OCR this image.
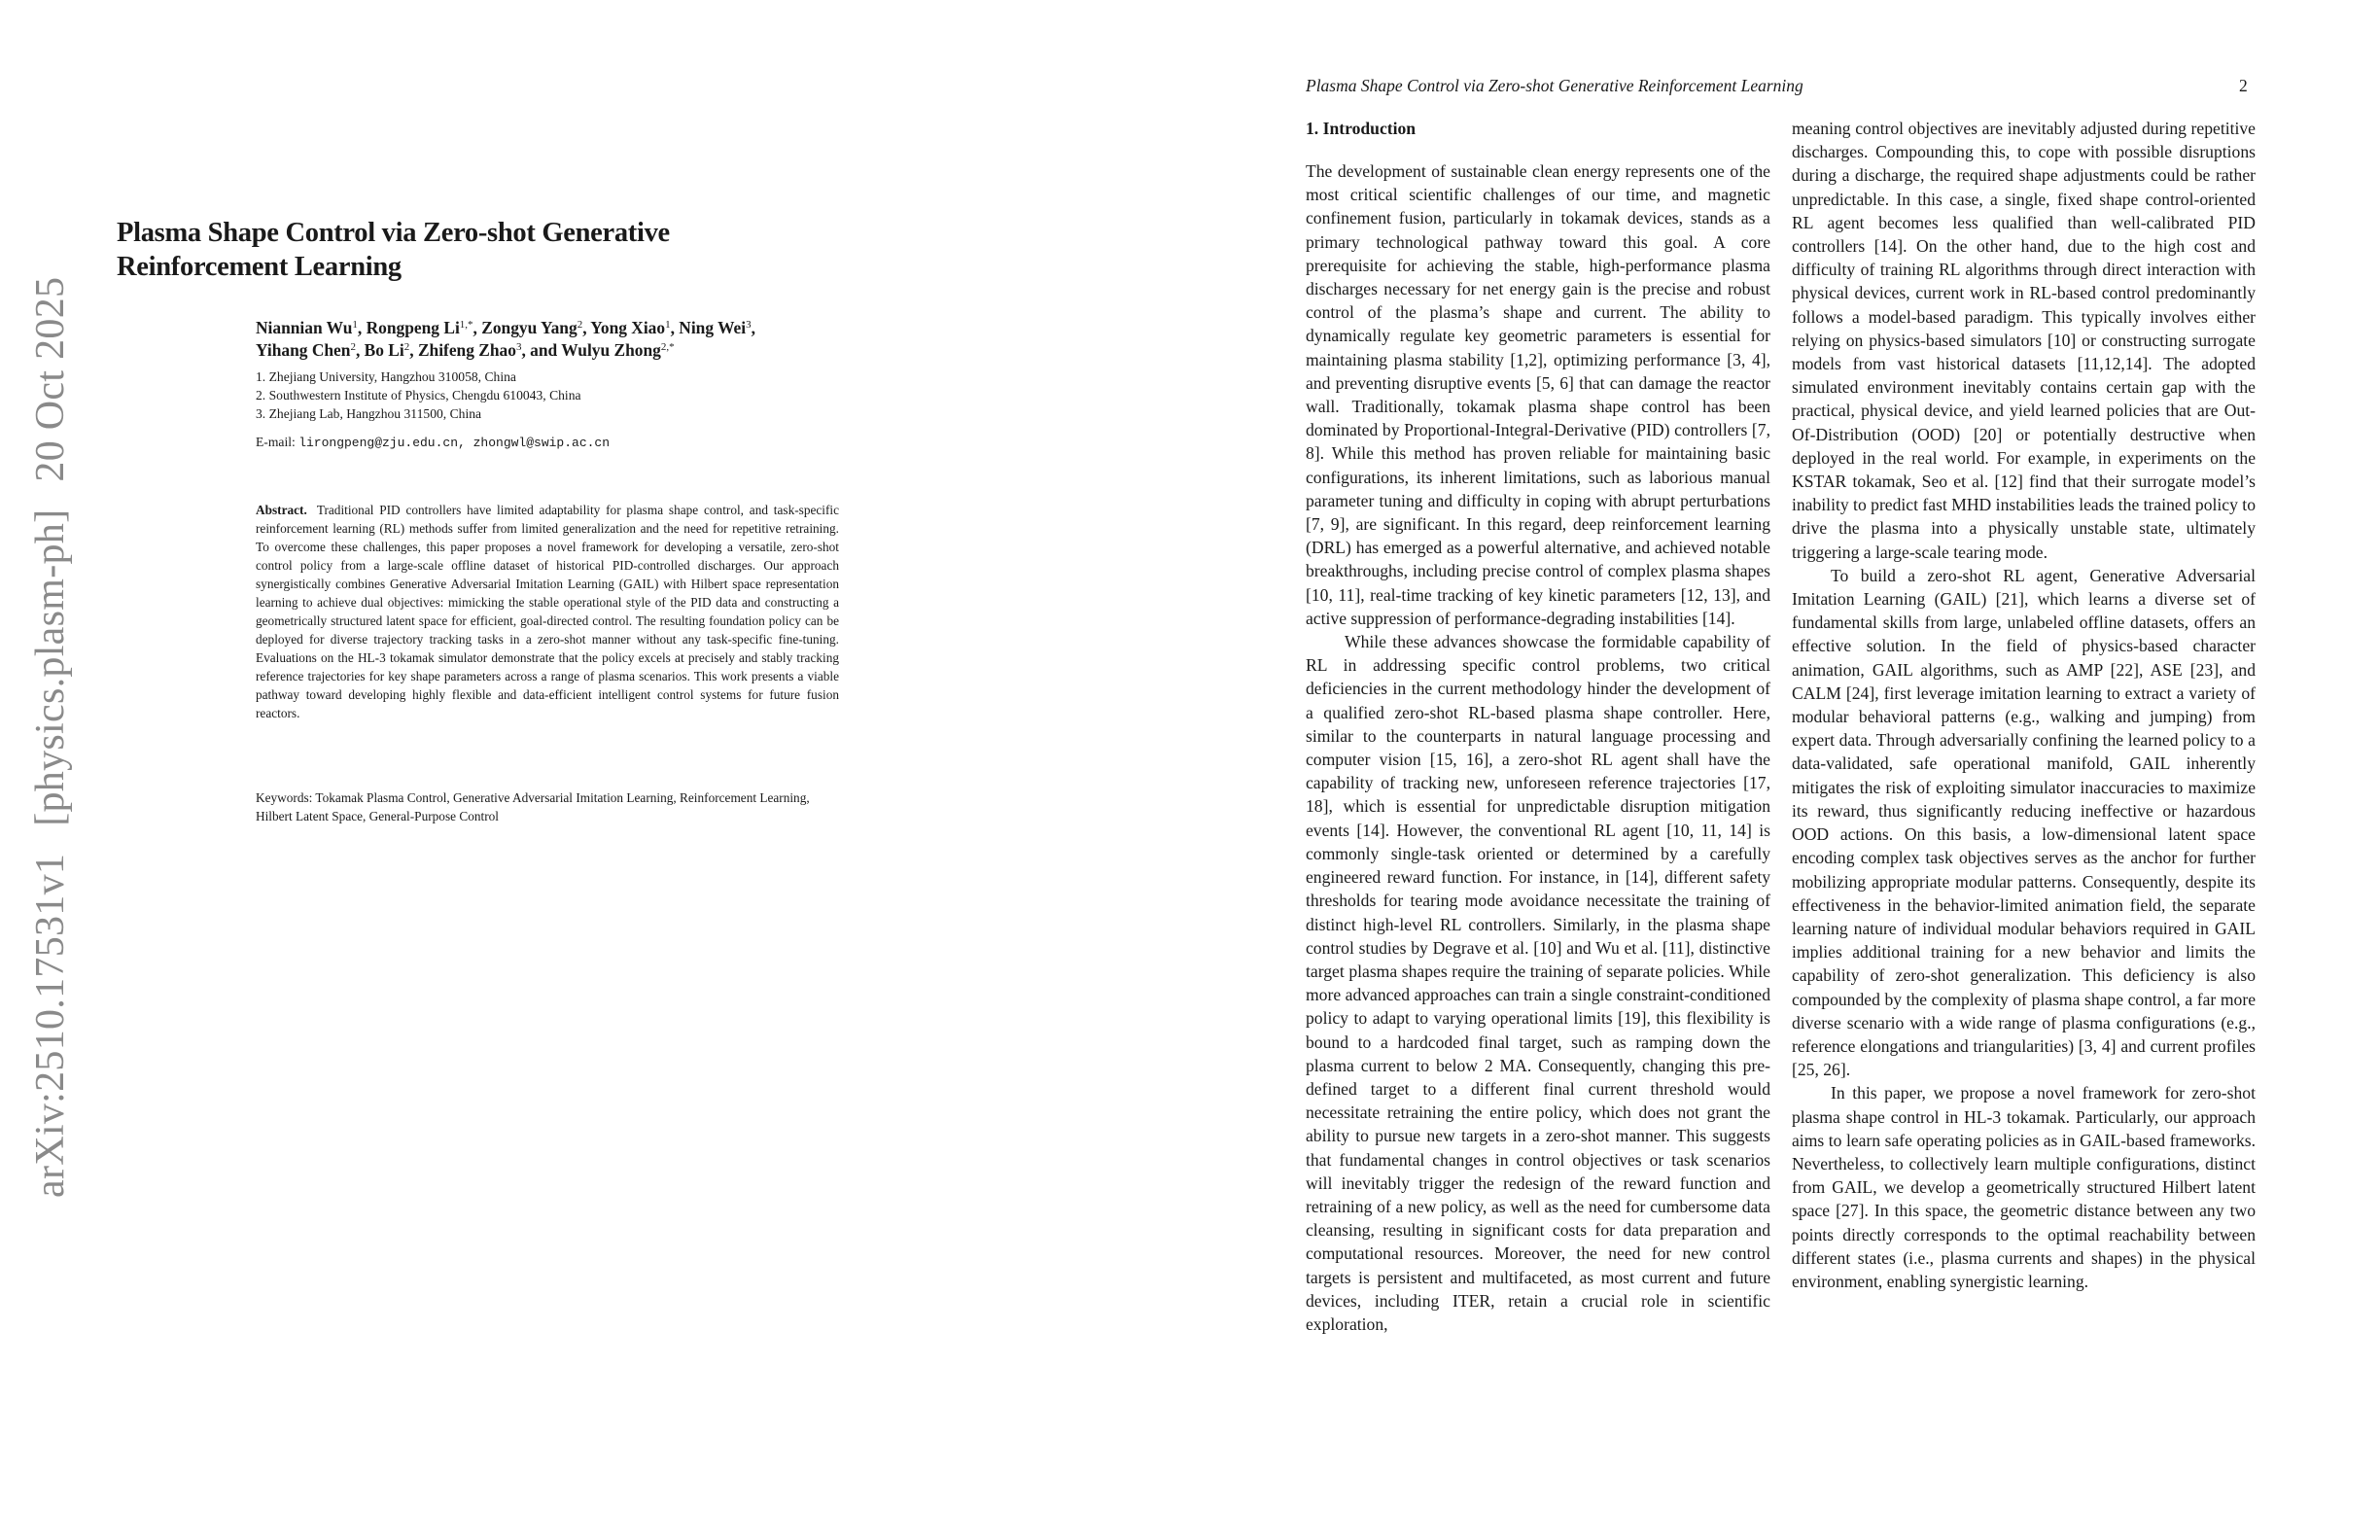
arXiv:2510.17531v1[physics.plasm-ph]20 Oct 2025
Plasma Shape Control via Zero-shot Generative
Reinforcement Learning
Niannian Wu$^1$, Rongpeng $Li^{1,*}$, Zongyu Yang$^2$, Yong Xiao$^1$, Ning Wei$^3$,
Yihang Chen$^2$, Bo Li$^2$, Zhifeng Zhao$^3$, and Wulyu Zhong$^{2,*}$
1. Zhejiang University, Hangzhou 310058, China
2. Southwestern Institute of Physics, Chengdu 610043, China
3. Zhejiang Lab, Hangzhou 311500, China
E-mail: lirongpeng@zju.edu.cn, zhongwl@swip.ac.cn
Abstract. Traditional PID controllers have limited adaptability for plasma shape control, and task-specific reinforcement learning (RL) methods suffer from limited generalization and the need for repetitive retraining. To overcome these challenges, this paper proposes a novel framework for developing a versatile, zero-shot control policy from a large-scale offline dataset of historical PID-controlled discharges. Our approach synergistically combines Generative Adversarial Imitation Learning (GAIL) with Hilbert space representation learning to achieve dual objectives: mimicking the stable operational style of the PID data and constructing a geometrically structured latent space for efficient, goal-directed control. The resulting foundation policy can be deployed for diverse trajectory tracking tasks in a zero-shot manner without any task-specific fine-tuning. Evaluations on the HL-3 tokamak simulator demonstrate that the policy excels at precisely and stably tracking reference trajectories for key shape parameters across a range of plasma scenarios. This work presents a viable pathway toward developing highly flexible and data-efficient intelligent control systems for future fusion reactors.
Keywords: Tokamak Plasma Control, Generative Adversarial Imitation Learning, Reinforcement Learning, Hilbert Latent Space, General-Purpose Control
Plasma Shape Control via Zero-shot Generative Reinforcement Learning	2
1. Introduction

The development of sustainable clean energy represents one of the most critical scientific challenges of our time, and magnetic confinement fusion, particularly in tokamak devices, stands as a primary technological pathway toward this goal. A core prerequisite for achieving the stable, high-performance plasma discharges necessary for net energy gain is the precise and robust control of the plasma’s shape and current. The ability to dynamically regulate key geometric parameters is essential for maintaining plasma stability [1,2], optimizing performance [3, 4], and preventing disruptive events [5, 6] that can damage the reactor wall. Traditionally, tokamak plasma shape control has been dominated by Proportional-Integral-Derivative (PID) controllers [7, 8]. While this method has proven reliable for maintaining basic configurations, its inherent limitations, such as laborious manual parameter tuning and difficulty in coping with abrupt perturbations [7, 9], are significant. In this regard, deep reinforcement learning (DRL) has emerged as a powerful alternative, and achieved notable breakthroughs, including precise control of complex plasma shapes [10, 11], real-time tracking of key kinetic parameters [12, 13], and active suppression of performance-degrading instabilities [14].

While these advances showcase the formidable capability of RL in addressing specific control problems, two critical deficiencies in the current methodology hinder the development of a qualified zero-shot RL-based plasma shape controller. Here, similar to the counterparts in natural language processing and computer vision [15, 16], a zero-shot RL agent shall have the capability of tracking new, unforeseen reference trajectories [17, 18], which is essential for unpredictable disruption mitigation events [14]. However, the conventional RL agent [10, 11, 14] is commonly single-task oriented or determined by a carefully engineered reward function. For instance, in [14], different safety thresholds for tearing mode avoidance necessitate the training of distinct high-level RL controllers. Similarly, in the plasma shape control studies by Degrave et al. [10] and Wu et al. [11], distinctive target plasma shapes require the training of separate policies. While more advanced approaches can train a single constraint-conditioned policy to adapt to varying operational limits [19], this flexibility is bound to a hardcoded final target, such as ramping down the plasma current to below 2 MA. Consequently, changing this pre-defined target to a different final current threshold would necessitate retraining the entire policy, which does not grant the ability to pursue new targets in a zero-shot manner. This suggests that fundamental changes in control objectives or task scenarios will inevitably trigger the redesign of the reward function and retraining of a new policy, as well as the need for cumbersome data cleansing, resulting in significant costs for data preparation and computational resources. Moreover, the need for new control targets is persistent and multifaceted, as most current and future devices, including ITER, retain a crucial role in scientific exploration,

meaning control objectives are inevitably adjusted during repetitive discharges. Compounding this, to cope with possible disruptions during a discharge, the required shape adjustments could be rather unpredictable. In this case, a single, fixed shape control-oriented RL agent becomes less qualified than well-calibrated PID controllers [14]. On the other hand, due to the high cost and difficulty of training RL algorithms through direct interaction with physical devices, current work in RL-based control predominantly follows a model-based paradigm. This typically involves either relying on physics-based simulators [10] or constructing surrogate models from vast historical datasets [11,12,14]. The adopted simulated environment inevitably contains certain gap with the practical, physical device, and yield learned policies that are Out-Of-Distribution (OOD) [20] or potentially destructive when deployed in the real world. For example, in experiments on the KSTAR tokamak, Seo et al. [12] find that their surrogate model’s inability to predict fast MHD instabilities leads the trained policy to drive the plasma into a physically unstable state, ultimately triggering a large-scale tearing mode.

To build a zero-shot RL agent, Generative Adversarial Imitation Learning (GAIL) [21], which learns a diverse set of fundamental skills from large, unlabeled offline datasets, offers an effective solution. In the field of physics-based character animation, GAIL algorithms, such as AMP [22], ASE [23], and CALM [24], first leverage imitation learning to extract a variety of modular behavioral patterns (e.g., walking and jumping) from expert data. Through adversarially confining the learned policy to a data-validated, safe operational manifold, GAIL inherently mitigates the risk of exploiting simulator inaccuracies to maximize its reward, thus significantly reducing ineffective or hazardous OOD actions. On this basis, a low-dimensional latent space encoding complex task objectives serves as the anchor for further mobilizing appropriate modular patterns. Consequently, despite its effectiveness in the behavior-limited animation field, the separate learning nature of individual modular behaviors required in GAIL implies additional training for a new behavior and limits the capability of zero-shot generalization. This deficiency is also compounded by the complexity of plasma shape control, a far more diverse scenario with a wide range of plasma configurations (e.g., reference elongations and triangularities) [3, 4] and current profiles [25, 26].

In this paper, we propose a novel framework for zero-shot plasma shape control in HL-3 tokamak. Particularly, our approach aims to learn safe operating policies as in GAIL-based frameworks. Nevertheless, to collectively learn multiple configurations, distinct from GAIL, we develop a geometrically structured Hilbert latent space [27]. In this space, the geometric distance between any two points directly corresponds to the optimal reachability between different states (i.e., plasma currents and shapes) in the physical environment, enabling synergistic learning.
